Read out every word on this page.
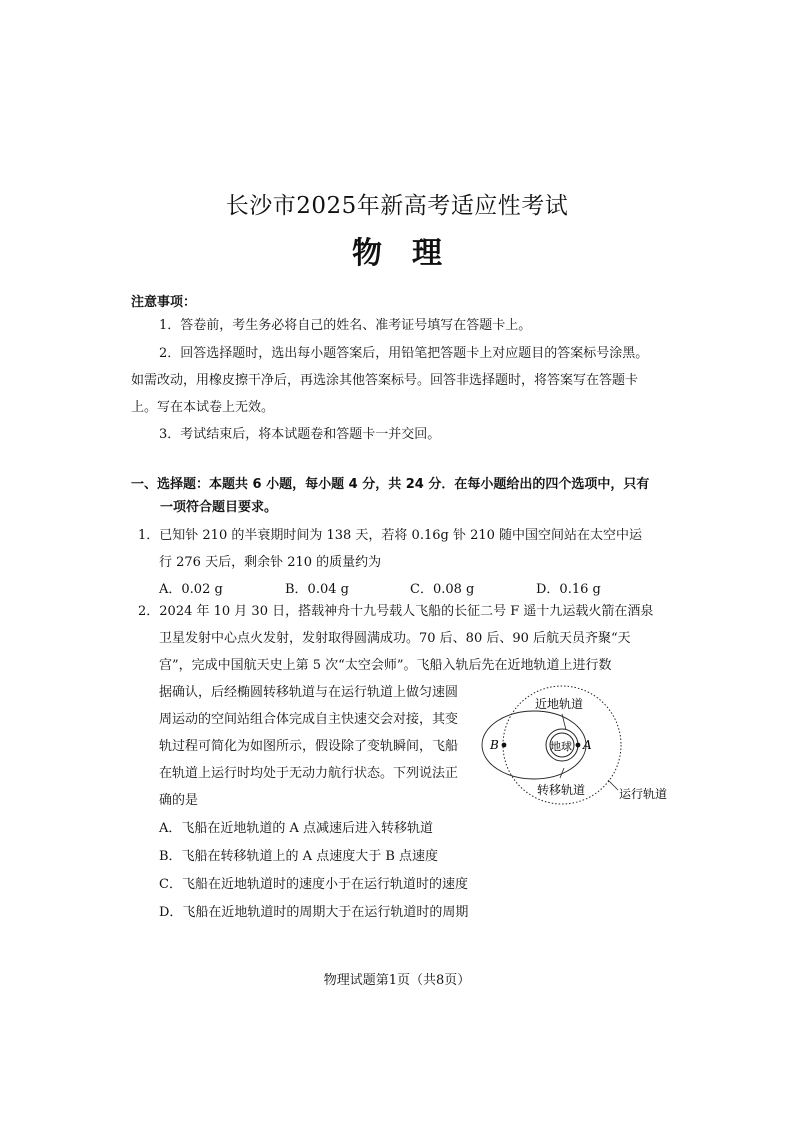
长沙市2025年新高考适应性考试
物　理
注意事项：
1．答卷前，考生务必将自己的姓名、准考证号填写在答题卡上。
2．回答选择题时，选出每小题答案后，用铅笔把答题卡上对应题目的答案标号涂黑。
如需改动，用橡皮擦干净后，再选涂其他答案标号。回答非选择题时，将答案写在答题卡
上。写在本试卷上无效。
3．考试结束后，将本试题卷和答题卡一并交回。
一、选择题：本题共 6 小题，每小题 4 分，共 24 分．在每小题给出的四个选项中，只有
一项符合题目要求。
1．已知钋 210 的半衰期时间为 138 天，若将 0.16g 钋 210 随中国空间站在太空中运
行 276 天后，剩余钋 210 的质量约为
A．0.02 g	B．0.04 g	C．0.08 g	D．0.16 g
2．2024 年 10 月 30 日，搭载神舟十九号载人飞船的长征二号 F 遥十九运载火箭在酒泉
卫星发射中心点火发射，发射取得圆满成功。70 后、80 后、90 后航天员齐聚“天
宫”，完成中国航天史上第 5 次“太空会师”。飞船入轨后先在近地轨道上进行数
据确认，后经椭圆转移轨道与在运行轨道上做匀速圆
周运动的空间站组合体完成自主快速交会对接，其变
轨过程可简化为如图所示，假设除了变轨瞬间，飞船
在轨道上运行时均处于无动力航行状态。下列说法正
确的是
A．飞船在近地轨道的 A 点减速后进入转移轨道
B．飞船在转移轨道上的 A 点速度大于 B 点速度
C．飞船在近地轨道时的速度小于在运行轨道时的速度
D．飞船在近地轨道时的周期大于在运行轨道时的周期
近地轨道
地球 A
B
转移轨道	运行轨道
物理试题第1页（共8页）
